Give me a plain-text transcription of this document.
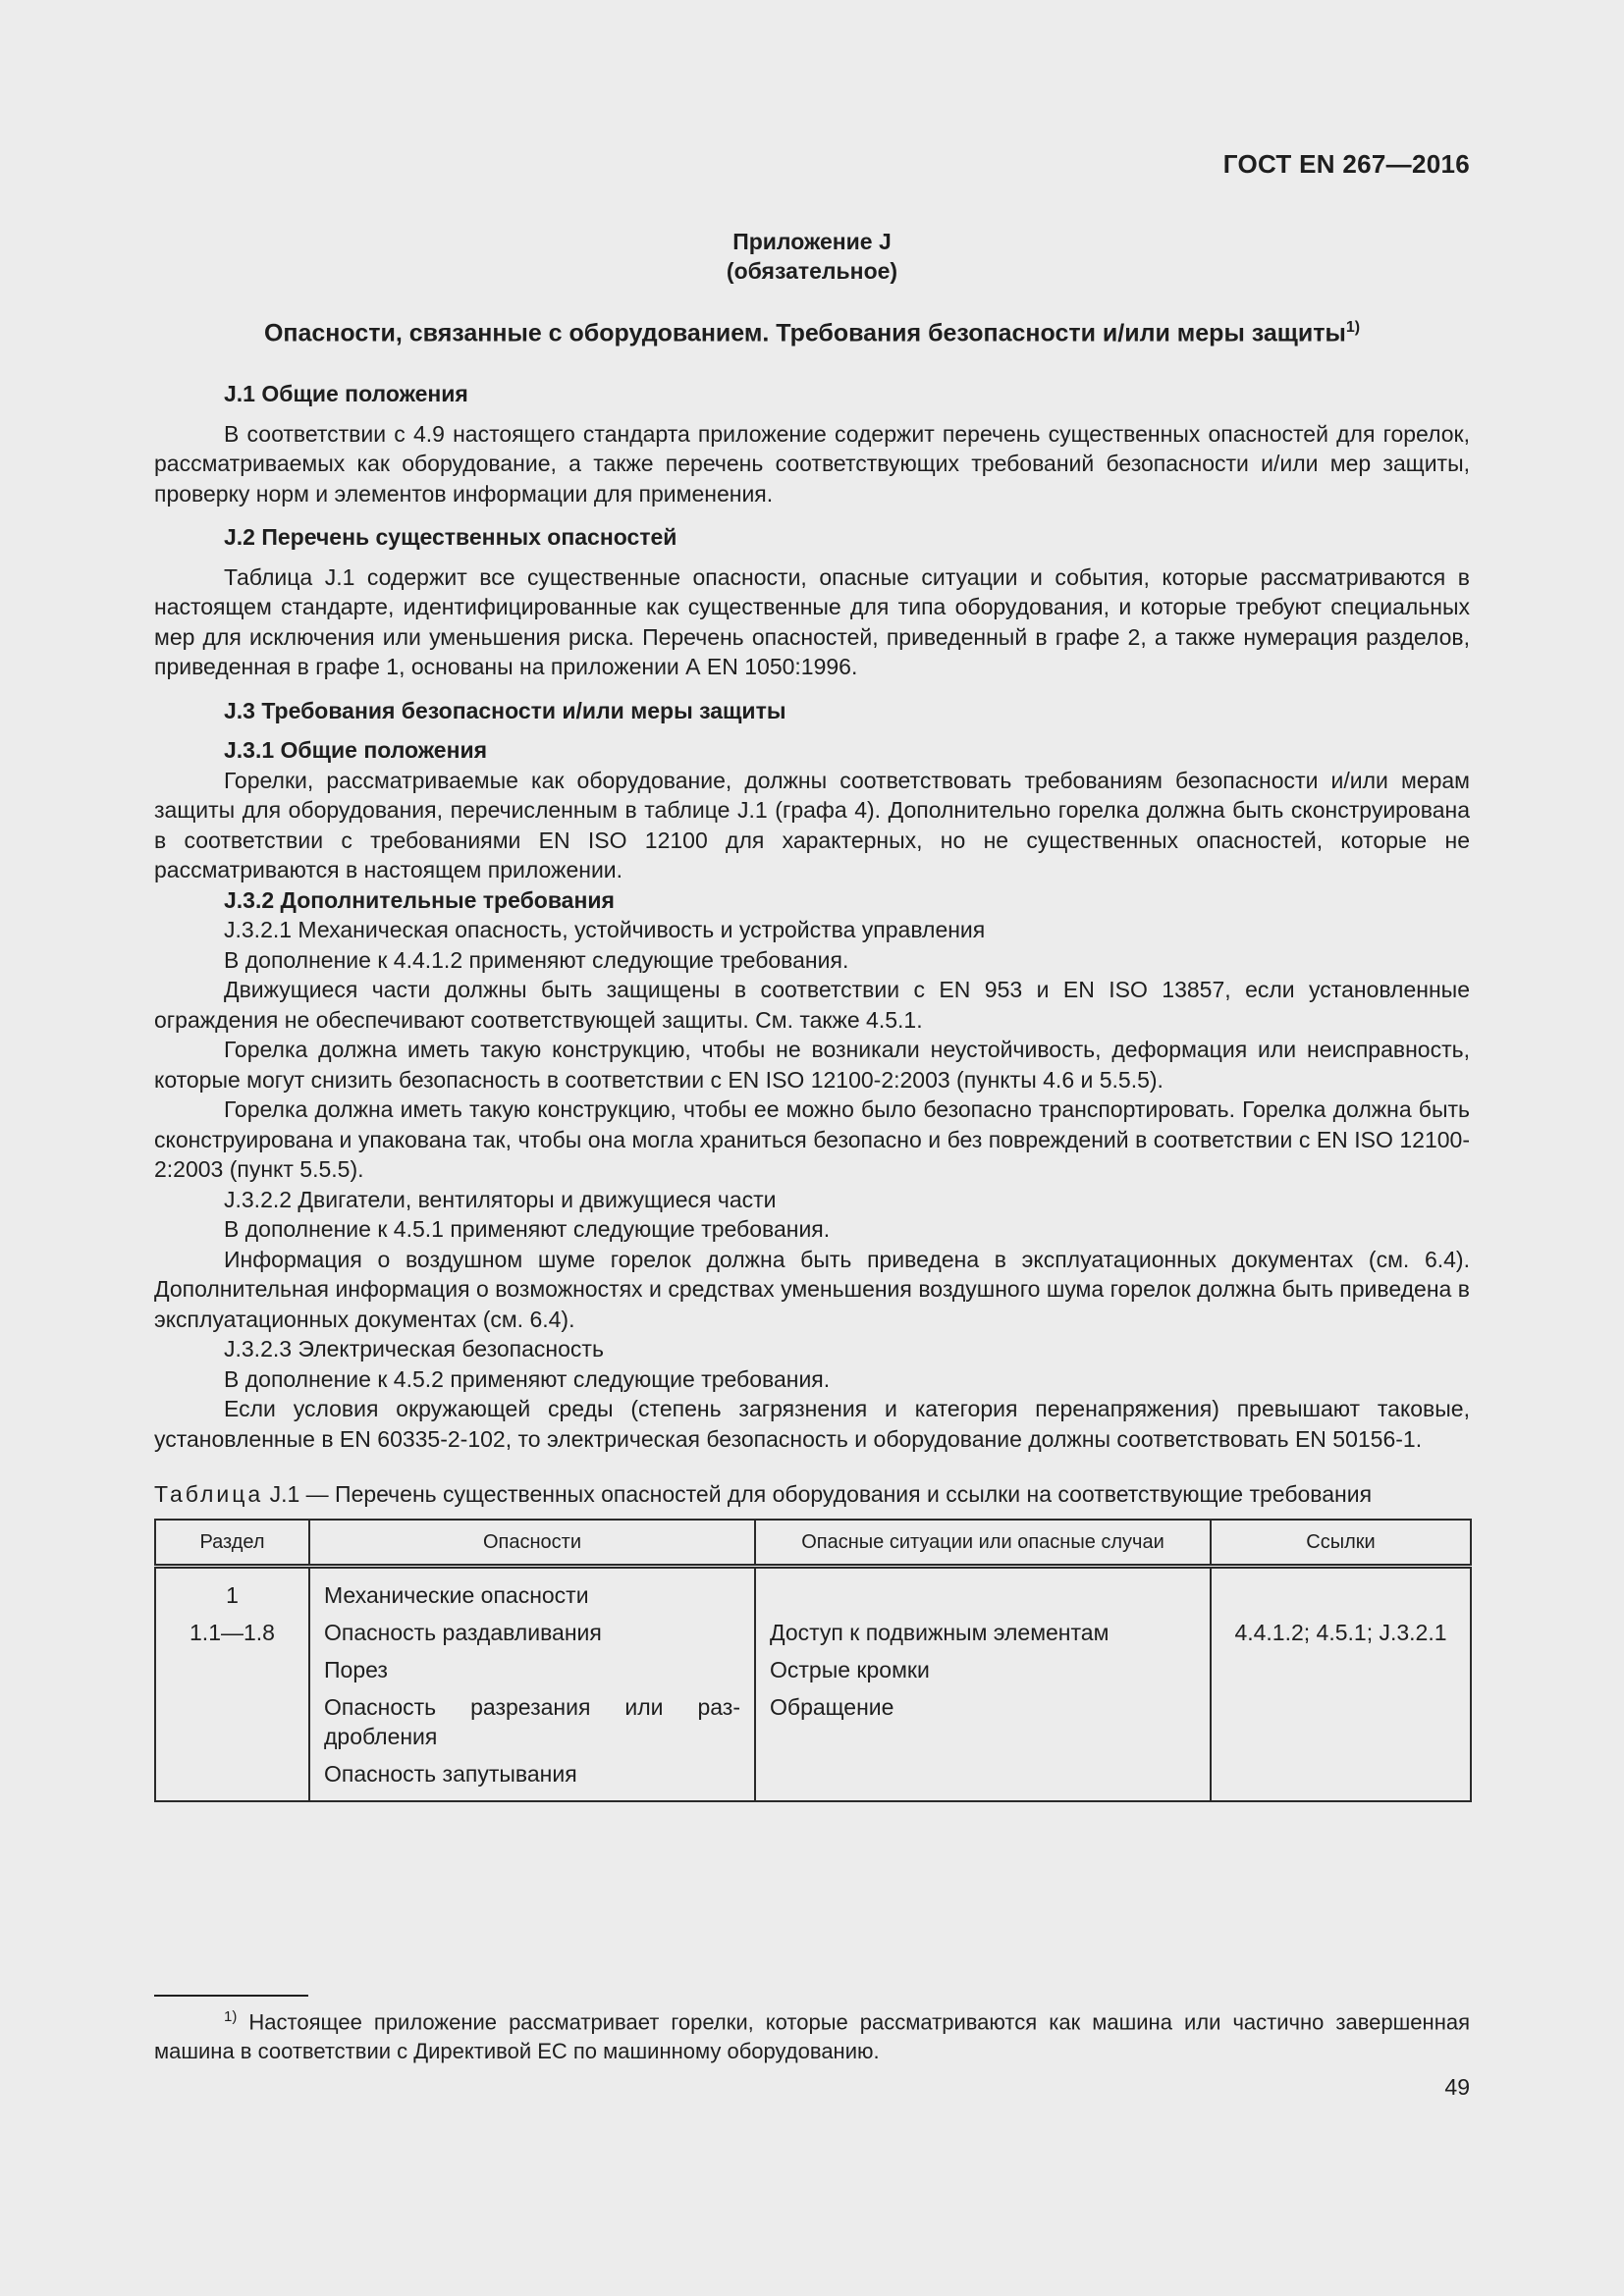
ГОСТ EN 267—2016
Приложение J
(обязательное)
Опасности, связанные с оборудованием. Требования безопасности и/или меры защиты$^{1)}$

J.1 Общие положения

В соответствии с 4.9 настоящего стандарта приложение содержит перечень существенных опасностей для горелок, рассматриваемых как оборудование, а также перечень соответствующих требований безопасности и/или мер защиты, проверку норм и элементов информации для применения.

J.2 Перечень существенных опасностей

Таблица J.1 содержит все существенные опасности, опасные ситуации и события, которые рассматриваются в настоящем стандарте, идентифицированные как существенные для типа оборудования, и которые требуют специальных мер для исключения или уменьшения риска. Перечень опасностей, приведенный в графе 2, а также нумерация разделов, приведенная в графе 1, основаны на приложении А EN 1050:1996.

J.3 Требования безопасности и/или меры защиты

J.3.1 Общие положения

Горелки, рассматриваемые как оборудование, должны соответствовать требованиям безопасности и/или мерам защиты для оборудования, перечисленным в таблице J.1 (графа 4). Дополнительно горелка должна быть сконструирована в соответствии с требованиями EN ISO 12100 для характерных, но не существенных опасностей, которые не рассматриваются в настоящем приложении.

J.3.2 Дополнительные требования

J.3.2.1 Механическая опасность, устойчивость и устройства управления

В дополнение к 4.4.1.2 применяют следующие требования.

Движущиеся части должны быть защищены в соответствии с EN 953 и EN ISO 13857, если установленные ограждения не обеспечивают соответствующей защиты. См. также 4.5.1.

Горелка должна иметь такую конструкцию, чтобы не возникали неустойчивость, деформация или неисправность, которые могут снизить безопасность в соответствии с EN ISO 12100-2:2003 (пункты 4.6 и 5.5.5).

Горелка должна иметь такую конструкцию, чтобы ее можно было безопасно транспортировать. Горелка должна быть сконструирована и упакована так, чтобы она могла храниться безопасно и без повреждений в соответствии с EN ISO 12100-2:2003 (пункт 5.5.5).

J.3.2.2 Двигатели, вентиляторы и движущиеся части

В дополнение к 4.5.1 применяют следующие требования.

Информация о воздушном шуме горелок должна быть приведена в эксплуатационных документах (см. 6.4). Дополнительная информация о возможностях и средствах уменьшения воздушного шума горелок должна быть приведена в эксплуатационных документах (см. 6.4).

J.3.2.3 Электрическая безопасность

В дополнение к 4.5.2 применяют следующие требования.

Если условия окружающей среды (степень загрязнения и категория перенапряжения) превышают таковые, установленные в EN 60335-2-102, то электрическая безопасность и оборудование должны соответствовать EN 50156-1.

Таблица J.1 — Перечень существенных опасностей для оборудования и ссылки на соответствующие требования
Раздел	Опасности	Опасные ситуации или опасные случаи	Ссылки
1	Механические опасности		
1.1—1.8	Опасность раздавливания	Доступ к подвижным элементам	4.4.1.2; 4.5.1; J.3.2.1
	Порез	Острые кромки	
	Опасность разрезания или раздробления	Обращение	
	Опасность запутывания		
$^{1)}$ Настоящее приложение рассматривает горелки, которые рассматриваются как машина или частично завершенная машина в соответствии с Директивой ЕС по машинному оборудованию.
49
